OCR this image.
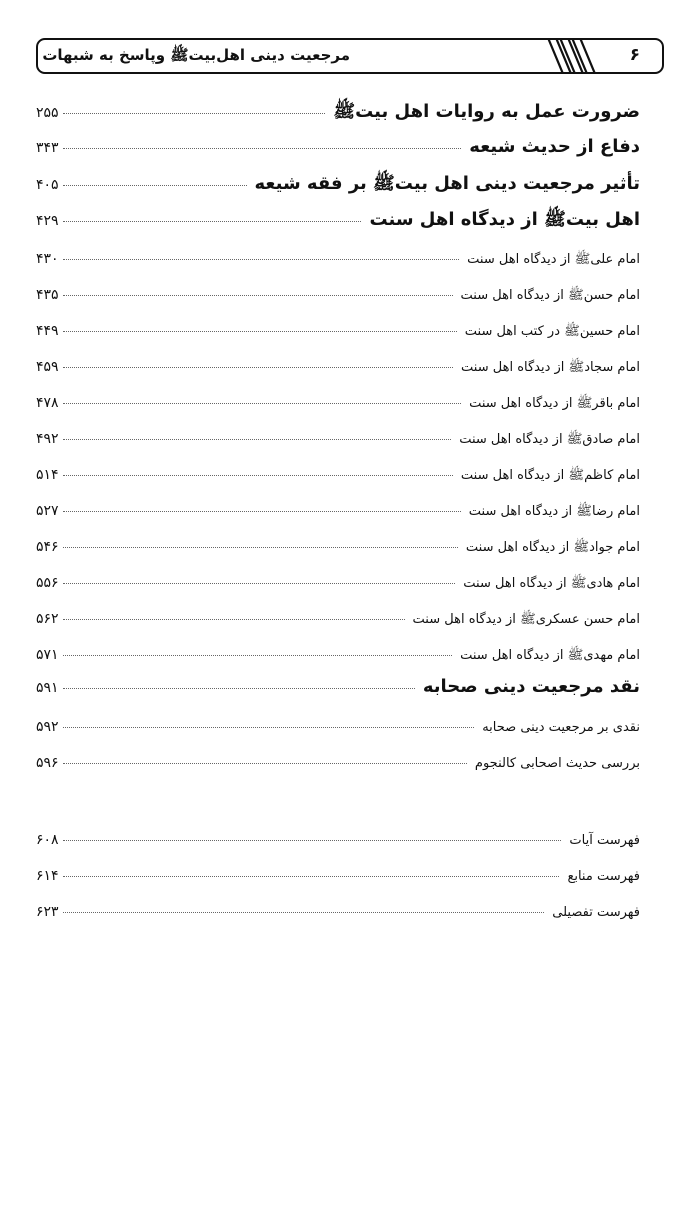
۶
مرجعیت دینی اهل‌بیتﷺ وپاسخ به شبهات
ضرورت عمل به روایات اهل بیتﷺ
۲۵۵
دفاع از حدیث شیعه
۳۴۳
تأثیر مرجعیت دینی اهل بیتﷺ بر فقه شیعه
۴۰۵
اهل بیتﷺ از دیدگاه اهل سنت
۴۲۹
امام علیﷺ از دیدگاه اهل سنت
۴۳۰
امام حسنﷺ از دیدگاه اهل سنت
۴۳۵
امام حسینﷺ در کتب اهل سنت
۴۴۹
امام سجادﷺ از دیدگاه اهل سنت
۴۵۹
امام باقرﷺ از دیدگاه اهل سنت
۴۷۸
امام صادقﷺ از دیدگاه اهل سنت
۴۹۲
امام کاظمﷺ از دیدگاه اهل سنت
۵۱۴
امام رضاﷺ از دیدگاه اهل سنت
۵۲۷
امام جوادﷺ از دیدگاه اهل سنت
۵۴۶
امام هادیﷺ از دیدگاه اهل سنت
۵۵۶
امام حسن عسکریﷺ از دیدگاه اهل سنت
۵۶۲
امام مهدیﷺ از دیدگاه اهل سنت
۵۷۱
نقد مرجعیت دینی صحابه
۵۹۱
نقدی بر مرجعیت دینی صحابه
۵۹۲
بررسی حدیث اصحابی کالنجوم
۵۹۶
فهرست آیات
۶۰۸
فهرست منابع
۶۱۴
فهرست تفصیلی
۶۲۳
